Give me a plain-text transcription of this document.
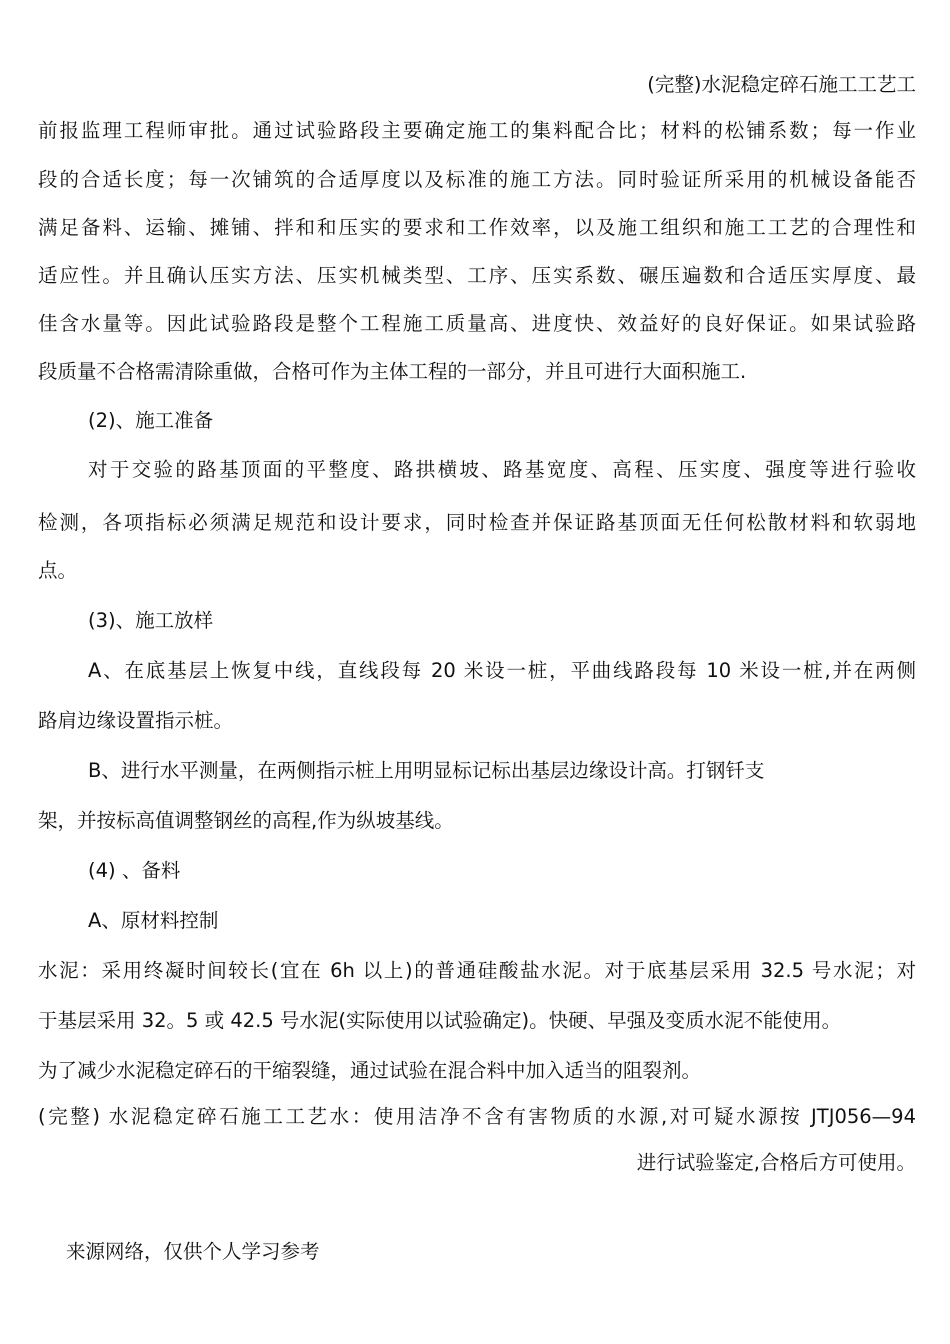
(完整)水泥稳定碎石施工工艺工
前报监理工程师审批。通过试验路段主要确定施工的集料配合比；材料的松铺系数；每一作业
段的合适长度；每一次铺筑的合适厚度以及标准的施工方法。同时验证所采用的机械设备能否
满足备料、运输、摊铺、拌和和压实的要求和工作效率，以及施工组织和施工工艺的合理性和
适应性。并且确认压实方法、压实机械类型、工序、压实系数、碾压遍数和合适压实厚度、最
佳含水量等。因此试验路段是整个工程施工质量高、进度快、效益好的良好保证。如果试验路
段质量不合格需清除重做，合格可作为主体工程的一部分，并且可进行大面积施工.
(2)、施工准备
对于交验的路基顶面的平整度、路拱横坡、路基宽度、高程、压实度、强度等进行验收
检测，各项指标必须满足规范和设计要求，同时检查并保证路基顶面无任何松散材料和软弱地
点。
(3)、施工放样
A、在底基层上恢复中线，直线段每 20 米设一桩，平曲线路段每 10 米设一桩,并在两侧
路肩边缘设置指示桩。
B、进行水平测量，在两侧指示桩上用明显标记标出基层边缘设计高。打钢钎支
架，并按标高值调整钢丝的高程,作为纵坡基线。
(4) 、备料
A、原材料控制
水泥：采用终凝时间较长(宜在 6h 以上)的普通硅酸盐水泥。对于底基层采用 32.5 号水泥；对
于基层采用 32。5 或 42.5 号水泥(实际使用以试验确定)。快硬、早强及变质水泥不能使用。
为了减少水泥稳定碎石的干缩裂缝，通过试验在混合料中加入适当的阻裂剂。
(完整) 水泥稳定碎石施工工艺水：使用洁净不含有害物质的水源,对可疑水源按 JTJ056—94
进行试验鉴定,合格后方可使用。
来源网络，仅供个人学习参考
